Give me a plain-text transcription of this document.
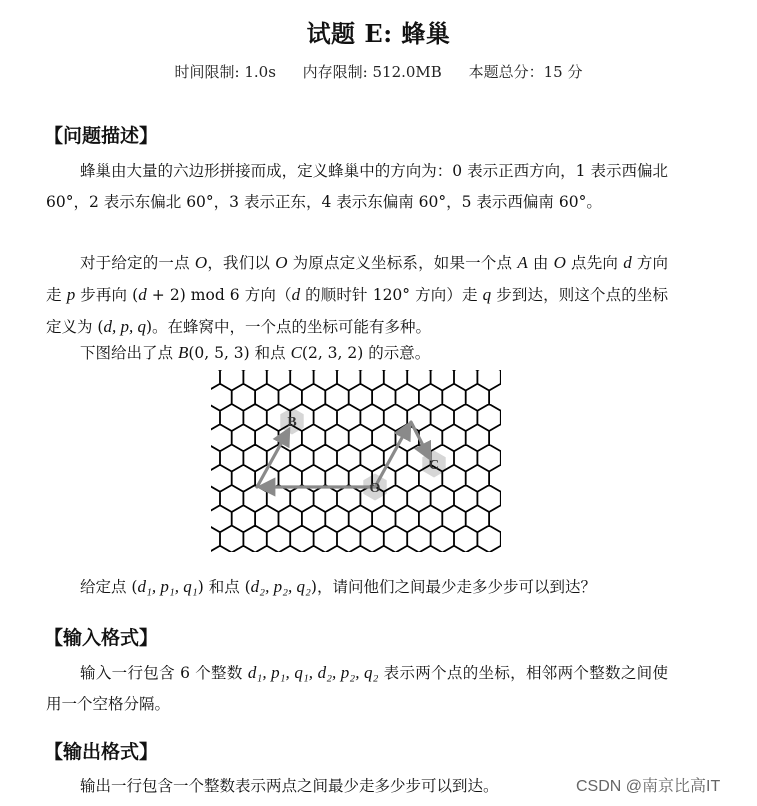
试题 E: 蜂巢
时间限制: 1.0s 内存限制: 512.0MB 本题总分：15 分
【问题描述】

蜂巢由大量的六边形拼接而成，定义蜂巢中的方向为：0 表示正西方向，1 表示西偏北 60°，2 表示东偏北 60°，3 表示正东，4 表示东偏南 60°，5 表示西偏南 60°。

对于给定的一点 O，我们以 O 为原点定义坐标系，如果一个点 A 由 O 点先向 d 方向走 p 步再向 (d + 2) mod 6 方向（d 的顺时针 120° 方向）走 q 步到达，则这个点的坐标定义为 (d, p, q)。在蜂窝中，一个点的坐标可能有多种。

下图给出了点 B(0, 5, 3) 和点 C(2, 3, 2) 的示意。

B
O
C

给定点 (d₁, p₁, q₁) 和点 (d₂, p₂, q₂)，请问他们之间最少走多少步可以到达？

【输入格式】

输入一行包含 6 个整数 d₁, p₁, q₁, d₂, p₂, q₂ 表示两个点的坐标，相邻两个整数之间使用一个空格分隔。

【输出格式】

输出一行包含一个整数表示两点之间最少走多少步可以到达。	CSDN @南京比高IT
